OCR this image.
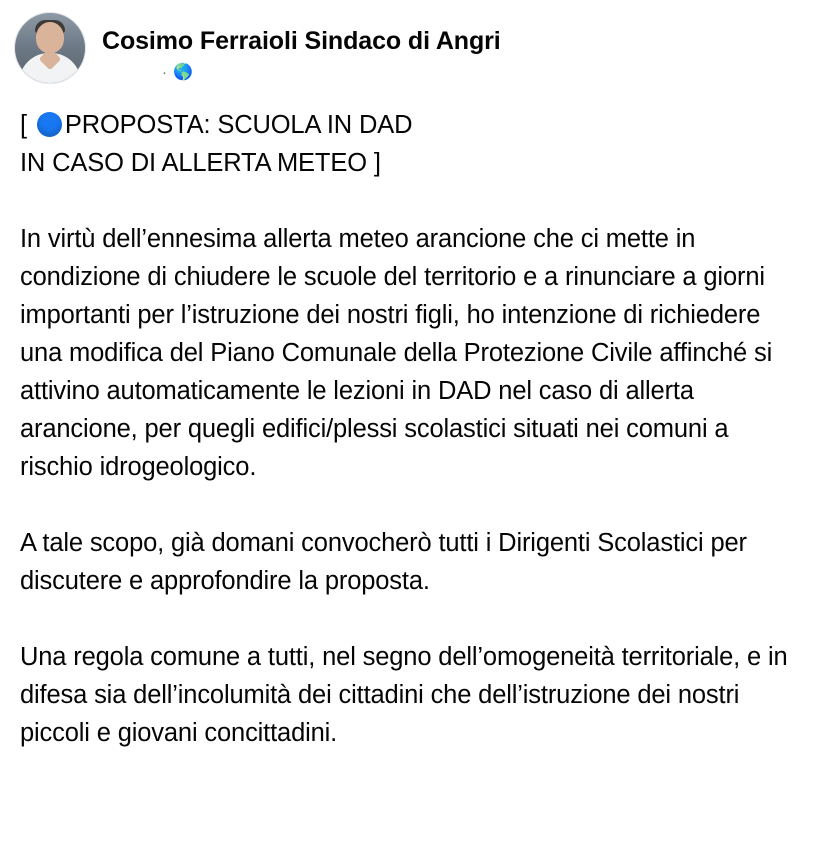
Cosimo Ferraioli Sindaco di Angri
· 🌎

[ PROPOSTA: SCUOLA IN DAD
IN CASO DI ALLERTA METEO ]

In virtù dell’ennesima allerta meteo arancione che ci mette in condizione di chiudere le scuole del territorio e a rinunciare a giorni importanti per l’istruzione dei nostri figli, ho intenzione di richiedere una modifica del Piano Comunale della Protezione Civile affinché si attivino automaticamente le lezioni in DAD nel caso di allerta arancione, per quegli edifici/plessi scolastici situati nei comuni a rischio idrogeologico.

A tale scopo, già domani convocherò tutti i Dirigenti Scolastici per discutere e approfondire la proposta.

Una regola comune a tutti, nel segno dell’omogeneità territoriale, e in difesa sia dell’incolumità dei cittadini che dell’istruzione dei nostri piccoli e giovani concittadini.
